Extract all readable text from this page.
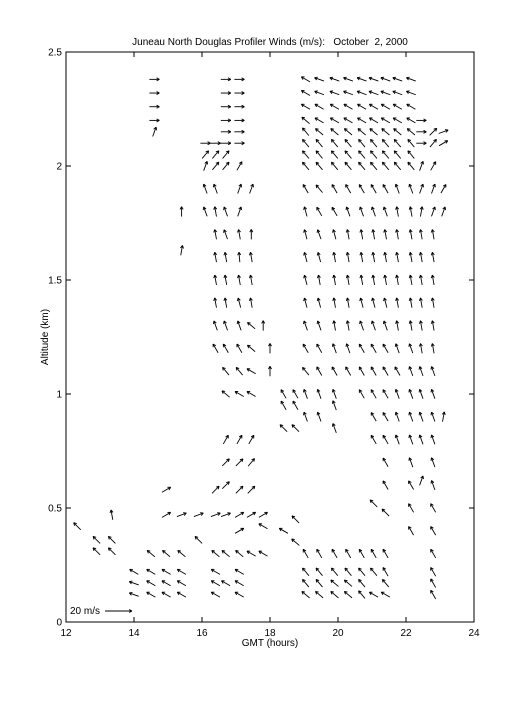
Juneau North Douglas Profiler Winds (m/s):   October  2, 2000
12	14	16	18	20	22	24
0
0.5
1
1.5
2
2.5
20 m/s
GMT (hours)
Altitude (km)
